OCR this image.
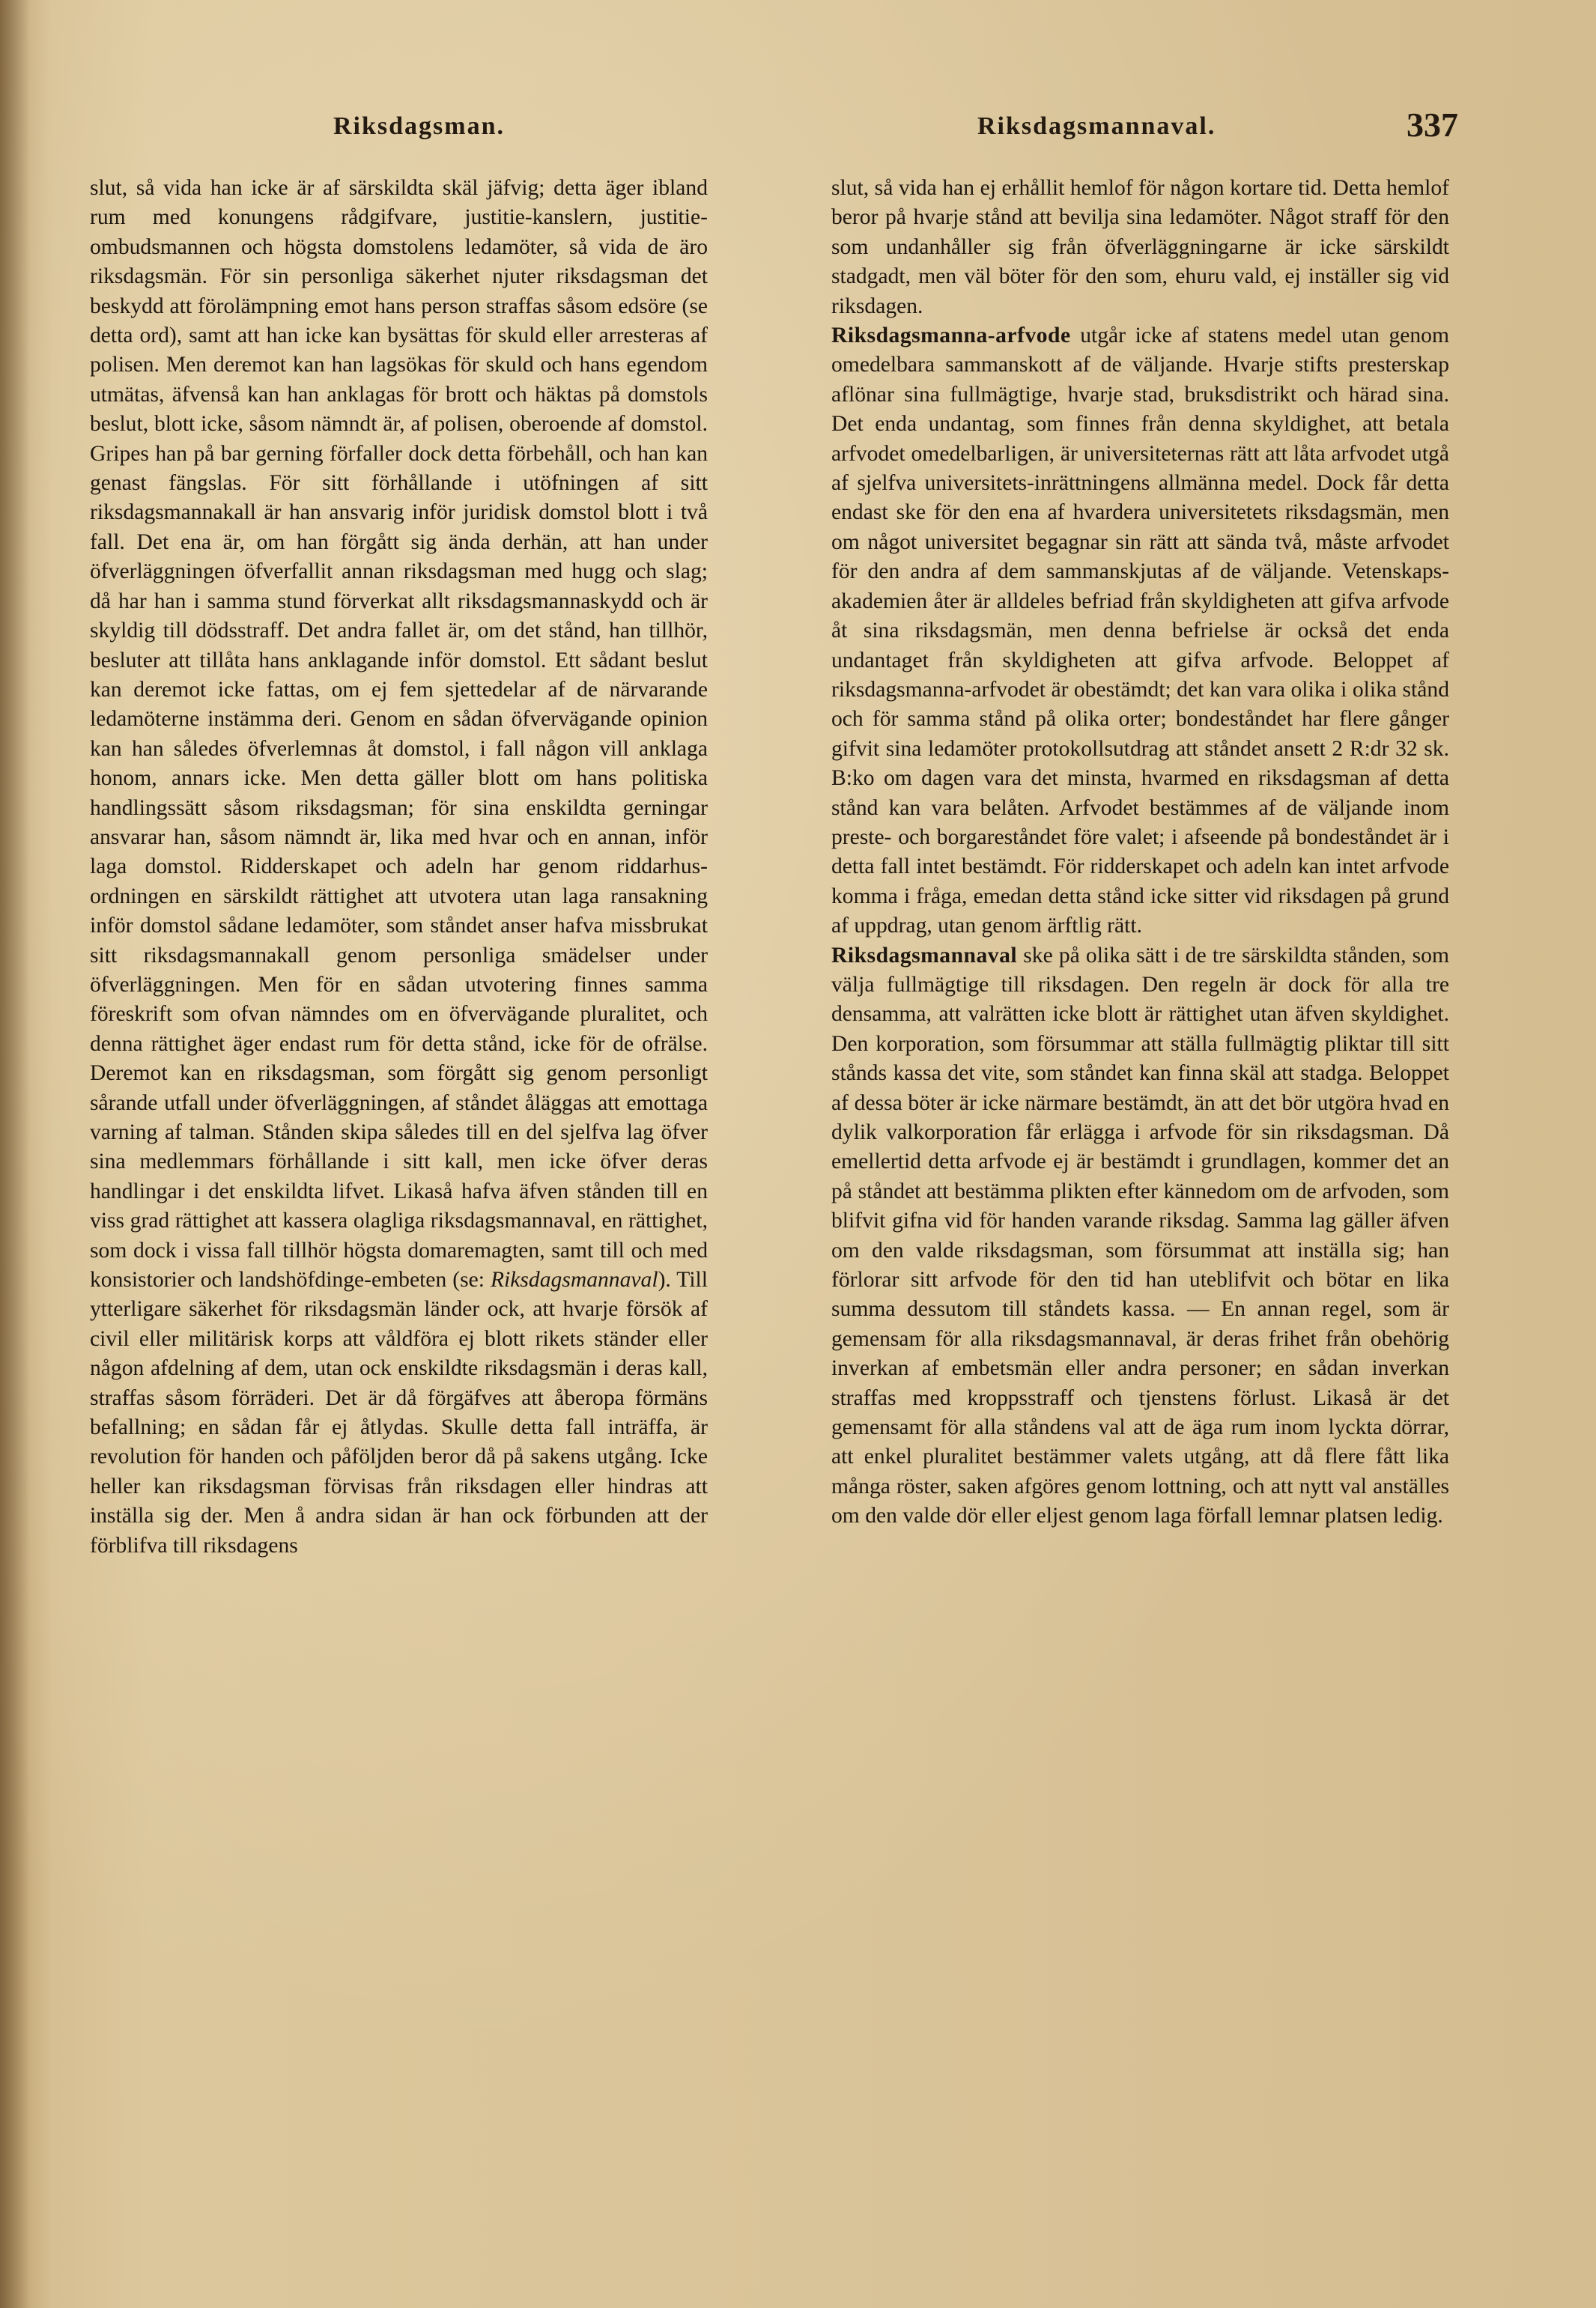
Riksdagsman.	Riksdagsmannaval.	337

slut, så vida han icke är af särskildta skäl jäfvig; detta äger ibland rum med konungens rådgifvare, justitie-kanslern, justitie-ombudsmannen och högsta domstolens ledamöter, så vida de äro riksdagsmän. För sin personliga säkerhet njuter riksdagsman det beskydd att förolämpning emot hans person straffas såsom edsöre (se detta ord), samt att han icke kan bysättas för skuld eller arresteras af polisen. Men deremot kan han lagsökas för skuld och hans egendom utmätas, äfvenså kan han anklagas för brott och häktas på domstols beslut, blott icke, såsom nämndt är, af polisen, oberoende af domstol. Gripes han på bar gerning förfaller dock detta förbehåll, och han kan genast fängslas. För sitt förhållande i utöfningen af sitt riksdagsmannakall är han ansvarig inför juridisk domstol blott i två fall. Det ena är, om han förgått sig ända derhän, att han under öfverläggningen öfverfallit annan riksdagsman med hugg och slag; då har han i samma stund förverkat allt riksdagsmannaskydd och är skyldig till dödsstraff. Det andra fallet är, om det stånd, han tillhör, besluter att tillåta hans anklagande inför domstol. Ett sådant beslut kan deremot icke fattas, om ej fem sjettedelar af de närvarande ledamöterne instämma deri. Genom en sådan öfvervägande opinion kan han således öfverlemnas åt domstol, i fall någon vill anklaga honom, annars icke. Men detta gäller blott om hans politiska handlingssätt såsom riksdagsman; för sina enskildta gerningar ansvarar han, såsom nämndt är, lika med hvar och en annan, inför laga domstol. Ridderskapet och adeln har genom riddarhus-ordningen en särskildt rättighet att utvotera utan laga ransakning inför domstol sådane ledamöter, som ståndet anser hafva missbrukat sitt riksdagsmannakall genom personliga smädelser under öfverläggningen. Men för en sådan utvotering finnes samma föreskrift som ofvan nämndes om en öfvervägande pluralitet, och denna rättighet äger endast rum för detta stånd, icke för de ofrälse. Deremot kan en riksdagsman, som förgått sig genom personligt sårande utfall under öfverläggningen, af ståndet åläggas att emottaga varning af talman. Stånden skipa således till en del sjelfva lag öfver sina medlemmars förhållande i sitt kall, men icke öfver deras handlingar i det enskildta lifvet. Likaså hafva äfven stånden till en viss grad rättighet att kassera olagliga riksdagsmannaval, en rättighet, som dock i vissa fall tillhör högsta domaremagten, samt till och med konsistorier och landshöfdinge-embeten (se: Riksdagsmannaval). Till ytterligare säkerhet för riksdagsmän länder ock, att hvarje försök af civil eller militärisk korps att våldföra ej blott rikets ständer eller någon afdelning af dem, utan ock enskildte riksdagsmän i deras kall, straffas såsom förräderi. Det är då förgäfves att åberopa förmäns befallning; en sådan får ej åtlydas. Skulle detta fall inträffa, är revolution för handen och påföljden beror då på sakens utgång. Icke heller kan riksdagsman förvisas från riksdagen eller hindras att inställa sig der. Men å andra sidan är han ock förbunden att der förblifva till riksdagens

slut, så vida han ej erhållit hemlof för någon kortare tid. Detta hemlof beror på hvarje stånd att bevilja sina ledamöter. Något straff för den som undanhåller sig från öfverläggningarne är icke särskildt stadgadt, men väl böter för den som, ehuru vald, ej inställer sig vid riksdagen.

Riksdagsmanna-arfvode utgår icke af statens medel utan genom omedelbara sammanskott af de väljande. Hvarje stifts presterskap aflönar sina fullmägtige, hvarje stad, bruksdistrikt och härad sina. Det enda undantag, som finnes från denna skyldighet, att betala arfvodet omedelbarligen, är universiteternas rätt att låta arfvodet utgå af sjelfva universitets-inrättningens allmänna medel. Dock får detta endast ske för den ena af hvardera universitetets riksdagsmän, men om något universitet begagnar sin rätt att sända två, måste arfvodet för den andra af dem sammanskjutas af de väljande. Vetenskaps-akademien åter är alldeles befriad från skyldigheten att gifva arfvode åt sina riksdagsmän, men denna befrielse är också det enda undantaget från skyldigheten att gifva arfvode. Beloppet af riksdagsmanna-arfvodet är obestämdt; det kan vara olika i olika stånd och för samma stånd på olika orter; bondeståndet har flere gånger gifvit sina ledamöter protokollsutdrag att ståndet ansett 2 R:dr 32 sk. B:ko om dagen vara det minsta, hvarmed en riksdagsman af detta stånd kan vara belåten. Arfvodet bestämmes af de väljande inom preste- och borgareståndet före valet; i afseende på bondeståndet är i detta fall intet bestämdt. För ridderskapet och adeln kan intet arfvode komma i fråga, emedan detta stånd icke sitter vid riksdagen på grund af uppdrag, utan genom ärftlig rätt.

Riksdagsmannaval ske på olika sätt i de tre särskildta stånden, som välja fullmägtige till riksdagen. Den regeln är dock för alla tre densamma, att valrätten icke blott är rättighet utan äfven skyldighet. Den korporation, som försummar att ställa fullmägtig pliktar till sitt stånds kassa det vite, som ståndet kan finna skäl att stadga. Beloppet af dessa böter är icke närmare bestämdt, än att det bör utgöra hvad en dylik valkorporation får erlägga i arfvode för sin riksdagsman. Då emellertid detta arfvode ej är bestämdt i grundlagen, kommer det an på ståndet att bestämma plikten efter kännedom om de arfvoden, som blifvit gifna vid för handen varande riksdag. Samma lag gäller äfven om den valde riksdagsman, som försummat att inställa sig; han förlorar sitt arfvode för den tid han uteblifvit och bötar en lika summa dessutom till ståndets kassa. — En annan regel, som är gemensam för alla riksdagsmannaval, är deras frihet från obehörig inverkan af embetsmän eller andra personer; en sådan inverkan straffas med kroppsstraff och tjenstens förlust. Likaså är det gemensamt för alla ståndens val att de äga rum inom lyckta dörrar, att enkel pluralitet bestämmer valets utgång, att då flere fått lika många röster, saken afgöres genom lottning, och att nytt val anställes om den valde dör eller eljest genom laga förfall lemnar platsen ledig.
